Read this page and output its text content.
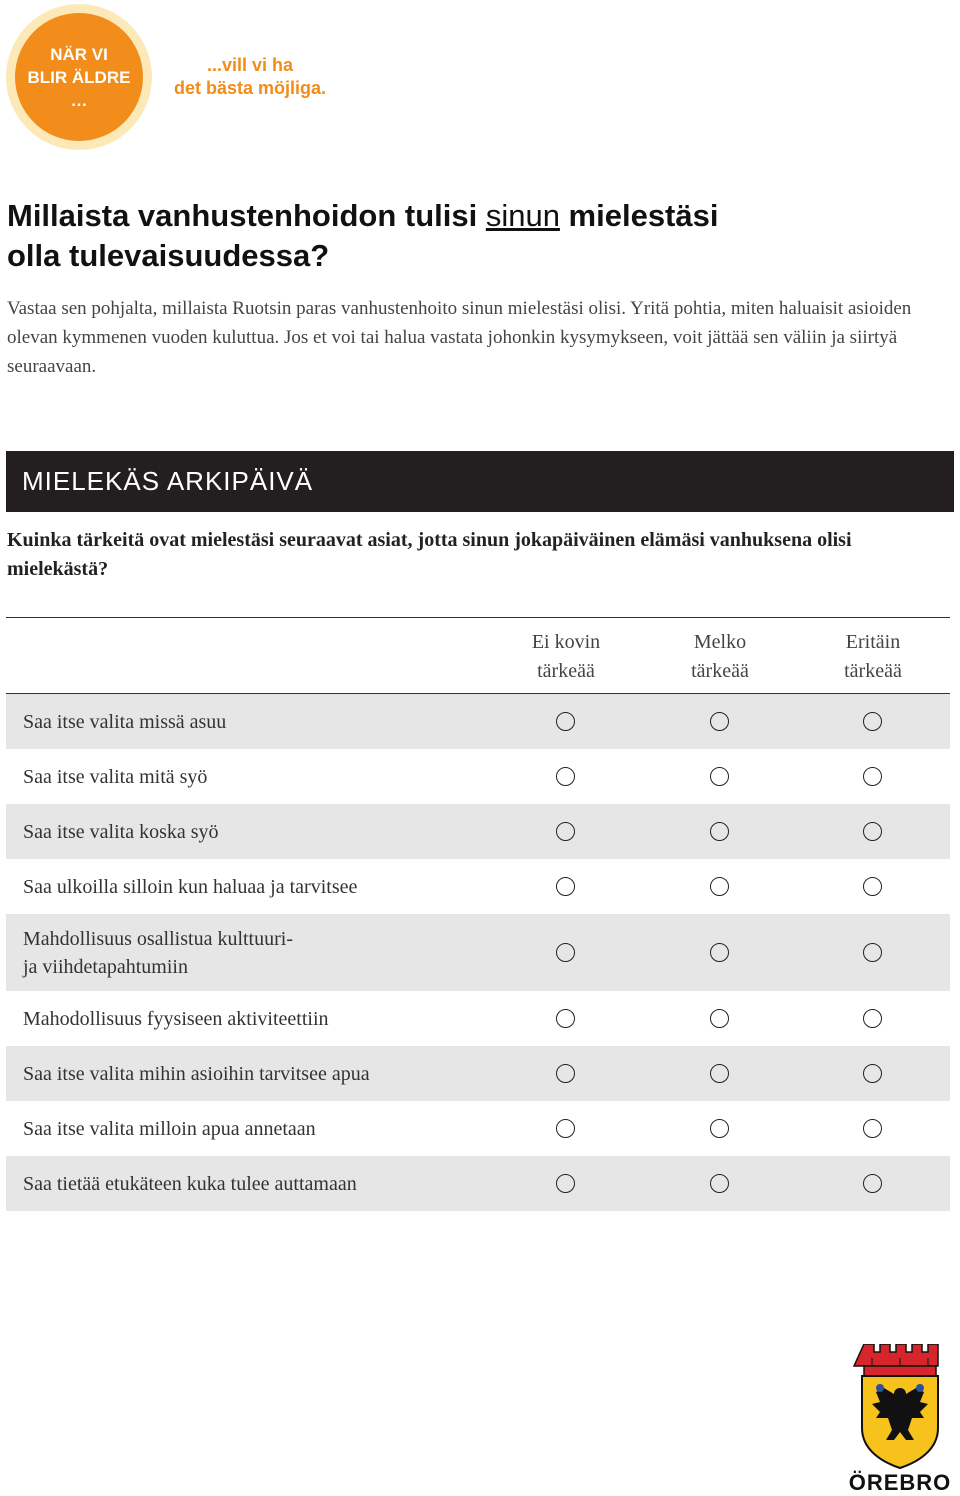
NÄR VI
BLIR ÄLDRE
…
...vill vi ha
det bästa möjliga.
Millaista vanhustenhoidon tulisi sinun mielestäsi
olla tulevaisuudessa?

Vastaa sen pohjalta, millaista Ruotsin paras vanhustenhoito sinun mielestäsi olisi. Yritä pohtia, miten haluaisit asioiden olevan kymmenen vuoden kuluttua. Jos et voi tai halua vastata johonkin kysymykseen, voit jättää sen väliin ja siirtyä seuraavaan.

MIELEKÄS ARKIPÄIVÄ

Kuinka tärkeitä ovat mielestäsi seuraavat asiat, jotta sinun jokapäiväinen elämäsi vanhuksena olisi mielekästä?

Ei kovin
tärkeää
Melko
tärkeää
Eritäin
tärkeää
Saa itse valita missä asuu
Saa itse valita mitä syö
Saa itse valita koska syö
Saa ulkoilla silloin kun haluaa ja tarvitsee
Mahdollisuus osallistua kulttuuri-
ja viihdetapahtumiin
Mahodollisuus fyysiseen aktiviteettiin
Saa itse valita mihin asioihin tarvitsee apua
Saa itse valita milloin apua annetaan
Saa tietää etukäteen kuka tulee auttamaan
ÖREBRO
